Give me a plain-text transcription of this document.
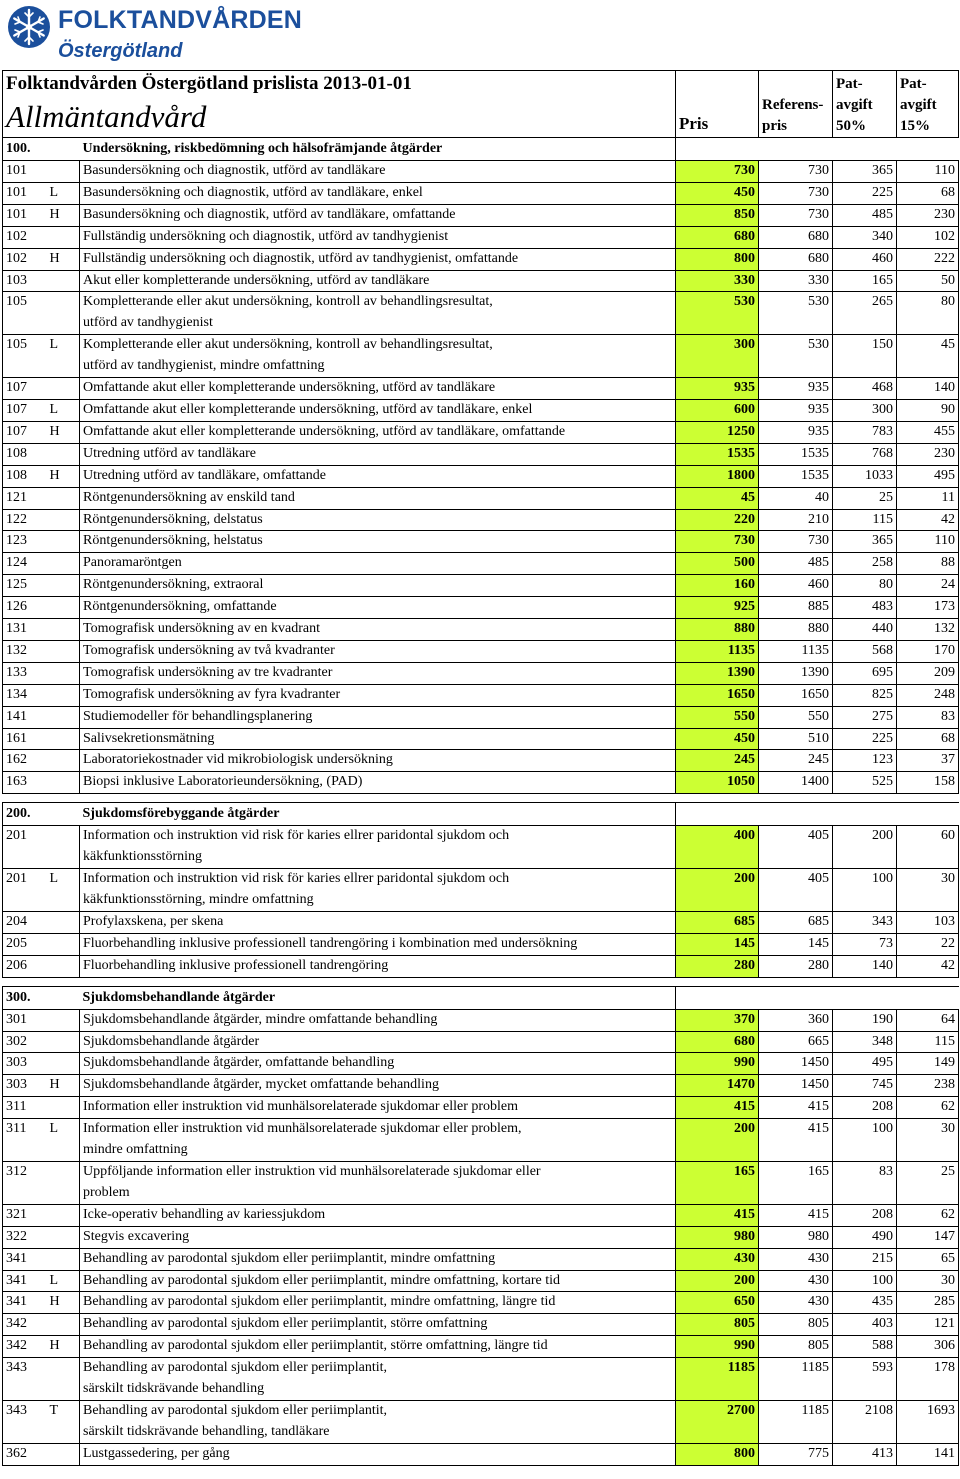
FOLKTANDVÅRDEN
Östergötland
Folktandvården Östergötland prislista 2013-01-01
Allmäntandvård			Pris	Referens-pris	Pat-avgift 50%	Pat-avgift 15%

100.		Undersökning, riskbedömning och hälsofrämjande åtgärder				
101		Basundersökning och diagnostik, utförd av tandläkare	730	730	365	110
101	L	Basundersökning och diagnostik, utförd av tandläkare, enkel	450	730	225	68
101	H	Basundersökning och diagnostik, utförd av tandläkare, omfattande	850	730	485	230
102		Fullständig undersökning och diagnostik, utförd av tandhygienist	680	680	340	102
102	H	Fullständig undersökning och diagnostik, utförd av tandhygienist, omfattande	800	680	460	222
103		Akut eller kompletterande undersökning, utförd av tandläkare	330	330	165	50
105		Kompletterande eller akut undersökning, kontroll av behandlingsresultat,
utförd av tandhygienist	530	530	265	80
105	L	Kompletterande eller akut undersökning, kontroll av behandlingsresultat,
utförd av tandhygienist, mindre omfattning	300	530	150	45
107		Omfattande akut eller kompletterande undersökning, utförd av tandläkare	935	935	468	140
107	L	Omfattande akut eller kompletterande undersökning, utförd av tandläkare, enkel	600	935	300	90
107	H	Omfattande akut eller kompletterande undersökning, utförd av tandläkare, omfattande	1250	935	783	455
108		Utredning utförd av tandläkare	1535	1535	768	230
108	H	Utredning utförd av tandläkare, omfattande	1800	1535	1033	495
121		Röntgenundersökning av enskild tand	45	40	25	11
122		Röntgenundersökning, delstatus	220	210	115	42
123		Röntgenundersökning, helstatus	730	730	365	110
124		Panoramaröntgen	500	485	258	88
125		Röntgenundersökning, extraoral	160	460	80	24
126		Röntgenundersökning, omfattande	925	885	483	173
131		Tomografisk undersökning av en kvadrant	880	880	440	132
132		Tomografisk undersökning av två kvadranter	1135	1135	568	170
133		Tomografisk undersökning av tre kvadranter	1390	1390	695	209
134		Tomografisk undersökning av fyra kvadranter	1650	1650	825	248
141		Studiemodeller för behandlingsplanering	550	550	275	83
161		Salivsekretionsmätning	450	510	225	68
162		Laboratoriekostnader vid mikrobiologisk undersökning	245	245	123	37
163		Biopsi inklusive Laboratorieundersökning, (PAD)	1050	1400	525	158

200.		Sjukdomsförebyggande åtgärder				
201		Information och instruktion vid risk för karies ellrer paridontal sjukdom och
käkfunktionsstörning	400	405	200	60
201	L	Information och instruktion vid risk för karies ellrer paridontal sjukdom och
käkfunktionsstörning, mindre omfattning	200	405	100	30
204		Profylaxskena, per skena	685	685	343	103
205		Fluorbehandling inklusive professionell tandrengöring i kombination med undersökning	145	145	73	22
206		Fluorbehandling inklusive professionell tandrengöring	280	280	140	42

300.		Sjukdomsbehandlande åtgärder				
301		Sjukdomsbehandlande åtgärder, mindre omfattande behandling	370	360	190	64
302		Sjukdomsbehandlande åtgärder	680	665	348	115
303		Sjukdomsbehandlande åtgärder, omfattande behandling	990	1450	495	149
303	H	Sjukdomsbehandlande åtgärder, mycket omfattande behandling	1470	1450	745	238
311		Information eller instruktion vid munhälsorelaterade sjukdomar eller problem	415	415	208	62
311	L	Information eller instruktion vid munhälsorelaterade sjukdomar eller problem,
mindre omfattning	200	415	100	30
312		Uppföljande information eller instruktion vid munhälsorelaterade sjukdomar eller
problem	165	165	83	25
321		Icke-operativ behandling av kariessjukdom	415	415	208	62
322		Stegvis excavering	980	980	490	147
341		Behandling av parodontal sjukdom eller periimplantit, mindre omfattning	430	430	215	65
341	L	Behandling av parodontal sjukdom eller periimplantit, mindre omfattning, kortare tid	200	430	100	30
341	H	Behandling av parodontal sjukdom eller periimplantit, mindre omfattning, längre tid	650	430	435	285
342		Behandling av parodontal sjukdom eller periimplantit, större omfattning	805	805	403	121
342	H	Behandling av parodontal sjukdom eller periimplantit, större omfattning, längre tid	990	805	588	306
343		Behandling av parodontal sjukdom eller periimplantit,
särskilt tidskrävande behandling	1185	1185	593	178
343	T	Behandling av parodontal sjukdom eller periimplantit,
särskilt tidskrävande behandling, tandläkare	2700	1185	2108	1693
362		Lustgassedering, per gång	800	775	413	141
